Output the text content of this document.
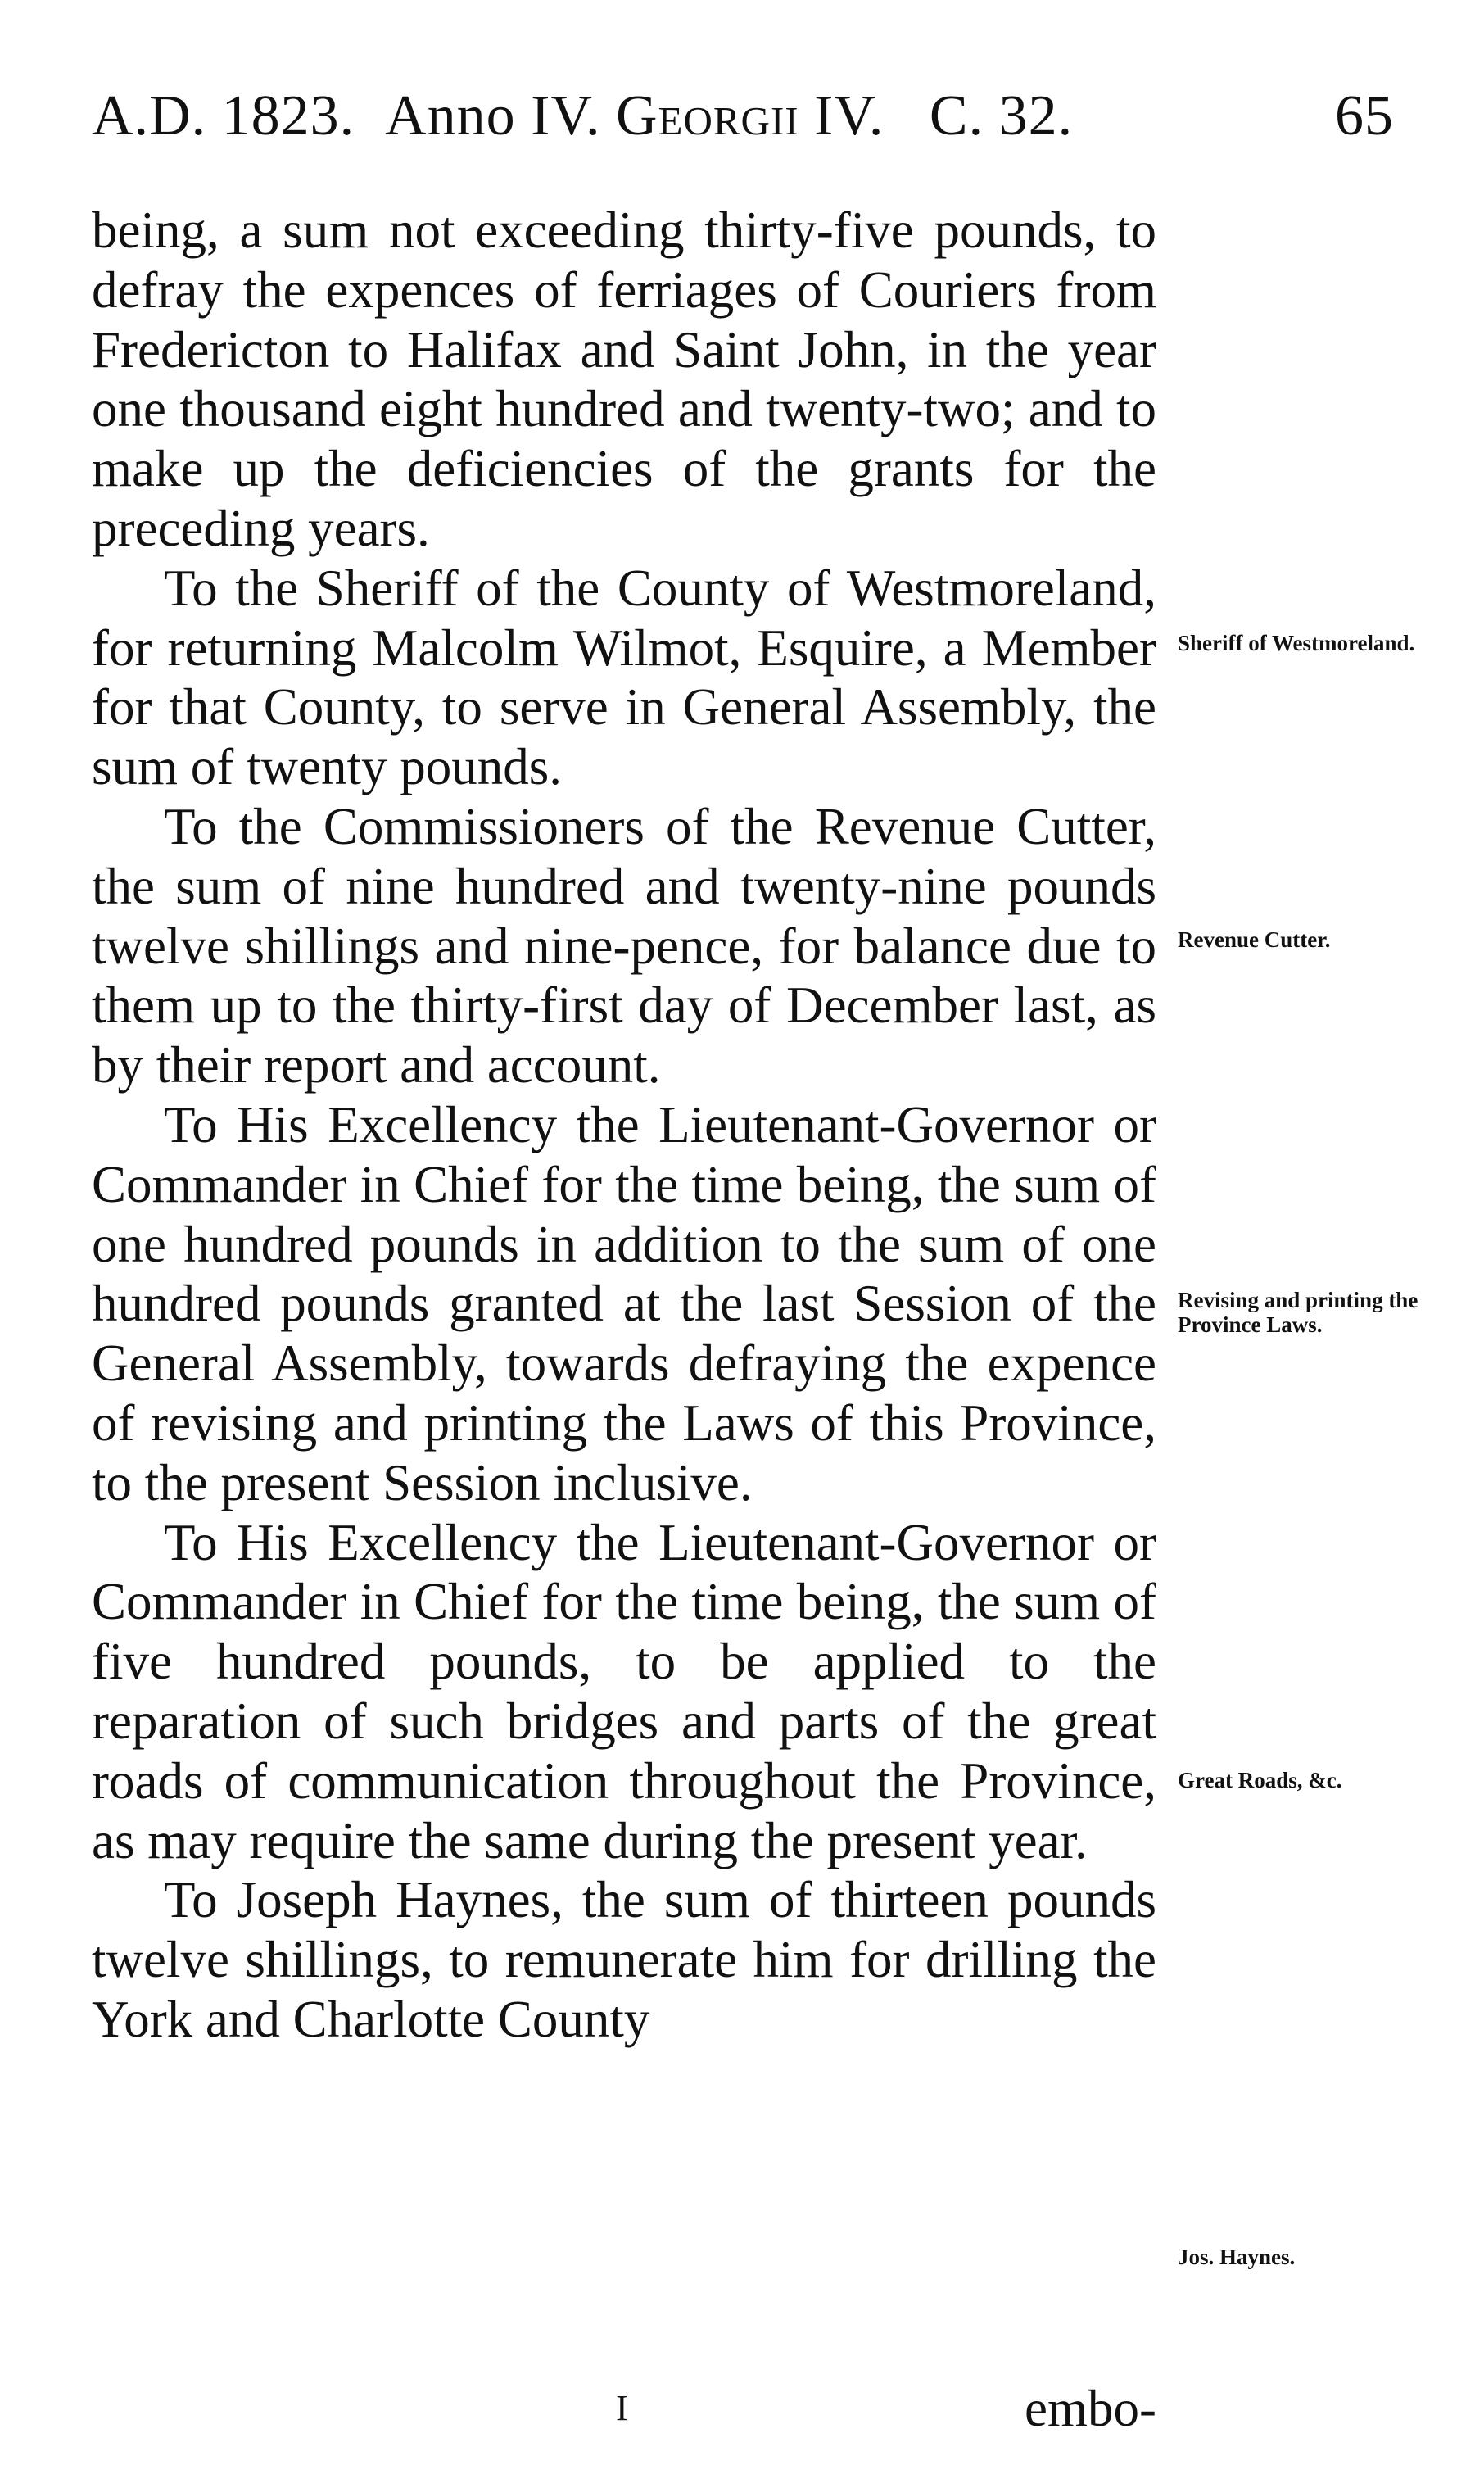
A.D. 1823. Anno IV. Georgii IV. C. 32.	65

being, a sum not exceeding thirty-five pounds, to defray the expences of ferriages of Couriers from Fredericton to Halifax and Saint John, in the year one thousand eight hundred and twenty-two; and to make up the deficiencies of the grants for the preceding years.

To the Sheriff of the County of Westmoreland, for returning Malcolm Wilmot, Esquire, a Member for that County, to serve in General Assembly, the sum of twenty pounds.

To the Commissioners of the Revenue Cutter, the sum of nine hundred and twenty-nine pounds twelve shillings and nine-pence, for balance due to them up to the thirty-first day of December last, as by their report and account.

To His Excellency the Lieutenant-Governor or Commander in Chief for the time being, the sum of one hundred pounds in addition to the sum of one hundred pounds granted at the last Session of the General Assembly, towards defraying the expence of revising and printing the Laws of this Province, to the present Session inclusive.

To His Excellency the Lieutenant-Governor or Commander in Chief for the time being, the sum of five hundred pounds, to be applied to the reparation of such bridges and parts of the great roads of communication throughout the Province, as may require the same during the present year.

To Joseph Haynes, the sum of thirteen pounds twelve shillings, to remunerate him for drilling the York and Charlotte County

Sheriff of Westmoreland.
Revenue Cutter.
Revising and printing the Province Laws.
Great Roads, &c.
Jos. Haynes.
I	embo-
